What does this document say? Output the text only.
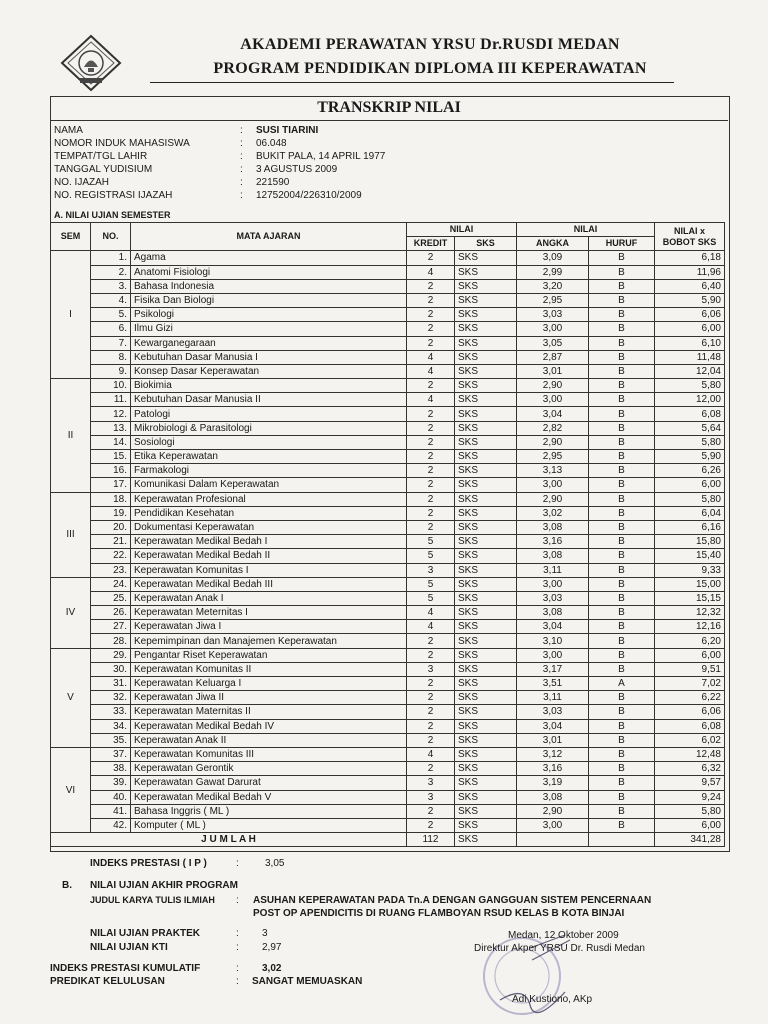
AKADEMI PERAWATAN YRSU Dr.RUSDI MEDAN
PROGRAM PENDIDIKAN DIPLOMA III KEPERAWATAN
TRANSKRIP NILAI
NAMA	: SUSI TIARINI
NOMOR INDUK MAHASISWA	: 06.048
TEMPAT/TGL LAHIR	: BUKIT PALA, 14 APRIL 1977
TANGGAL YUDISIUM	: 3 AGUSTUS 2009
NO. IJAZAH	: 221590
NO. REGISTRASI IJAZAH	: 12752004/226310/2009
A. NILAI UJIAN SEMESTER
SEM	NO.	MATA AJARAN	NILAI		NILAI		NILAI x
BOBOT SKS
			KREDIT	SKS	ANGKA	HURUF	
I	1.	Agama	2	SKS	3,09	B	6,18
	2.	Anatomi Fisiologi	4	SKS	2,99	B	11,96
	3.	Bahasa Indonesia	2	SKS	3,20	B	6,40
	4.	Fisika Dan Biologi	2	SKS	2,95	B	5,90
	5.	Psikologi	2	SKS	3,03	B	6,06
	6.	Ilmu Gizi	2	SKS	3,00	B	6,00
	7.	Kewarganegaraan	2	SKS	3,05	B	6,10
	8.	Kebutuhan Dasar Manusia I	4	SKS	2,87	B	11,48
	9.	Konsep Dasar Keperawatan	4	SKS	3,01	B	12,04
II	10.	Biokimia	2	SKS	2,90	B	5,80
	11.	Kebutuhan Dasar Manusia II	4	SKS	3,00	B	12,00
	12.	Patologi	2	SKS	3,04	B	6,08
	13.	Mikrobiologi & Parasitologi	2	SKS	2,82	B	5,64
	14.	Sosiologi	2	SKS	2,90	B	5,80
	15.	Etika Keperawatan	2	SKS	2,95	B	5,90
	16.	Farmakologi	2	SKS	3,13	B	6,26
	17.	Komunikasi Dalam Keperawatan	2	SKS	3,00	B	6,00
III	18.	Keperawatan Profesional	2	SKS	2,90	B	5,80
	19.	Pendidikan Kesehatan	2	SKS	3,02	B	6,04
	20.	Dokumentasi Keperawatan	2	SKS	3,08	B	6,16
	21.	Keperawatan Medikal Bedah I	5	SKS	3,16	B	15,80
	22.	Keperawatan Medikal Bedah II	5	SKS	3,08	B	15,40
	23.	Keperawatan Komunitas I	3	SKS	3,11	B	9,33
IV	24.	Keperawatan Medikal Bedah III	5	SKS	3,00	B	15,00
	25.	Keperawatan Anak I	5	SKS	3,03	B	15,15
	26.	Keperawatan Meternitas I	4	SKS	3,08	B	12,32
	27.	Keperawatan Jiwa I	4	SKS	3,04	B	12,16
	28.	Kepemimpinan dan Manajemen Keperawatan	2	SKS	3,10	B	6,20
V	29.	Pengantar Riset Keperawatan	2	SKS	3,00	B	6,00
	30.	Keperawatan Komunitas II	3	SKS	3,17	B	9,51
	31.	Keperawatan Keluarga I	2	SKS	3,51	A	7,02
	32.	Keperawatan Jiwa II	2	SKS	3,11	B	6,22
	33.	Keperawatan Maternitas II	2	SKS	3,03	B	6,06
	34.	Keperawatan Medikal Bedah IV	2	SKS	3,04	B	6,08
	35.	Keperawatan Anak II	2	SKS	3,01	B	6,02
VI	37.	Keperawatan Komunitas III	4	SKS	3,12	B	12,48
	38.	Keperawatan Gerontik	2	SKS	3,16	B	6,32
	39.	Keperawatan Gawat Darurat	3	SKS	3,19	B	9,57
	40.	Keperawatan Medikal Bedah V	3	SKS	3,08	B	9,24
	41.	Bahasa Inggris ( ML )	2	SKS	2,90	B	5,80
	42.	Komputer ( ML )	2	SKS	3,00	B	6,00
J U M L A H			112	SKS			341,28
INDEKS PRESTASI ( I P )	:	3,05
B. NILAI UJIAN AKHIR PROGRAM
JUDUL KARYA TULIS ILMIAH : ASUHAN KEPERAWATAN PADA Tn.A DENGAN GANGGUAN SISTEM PENCERNAAN
POST OP APENDICITIS DI RUANG FLAMBOYAN RSUD KELAS B KOTA BINJAI
NILAI UJIAN PRAKTEK	: 3
NILAI UJIAN KTI	: 2,97
INDEKS PRESTASI KUMULATIF	: 3,02
PREDIKAT KELULUSAN	: SANGAT MEMUASKAN
Medan, 12 Oktober 2009
Direktur Akper YRSU Dr. Rusdi Medan
Adi Kustiono, AKp
